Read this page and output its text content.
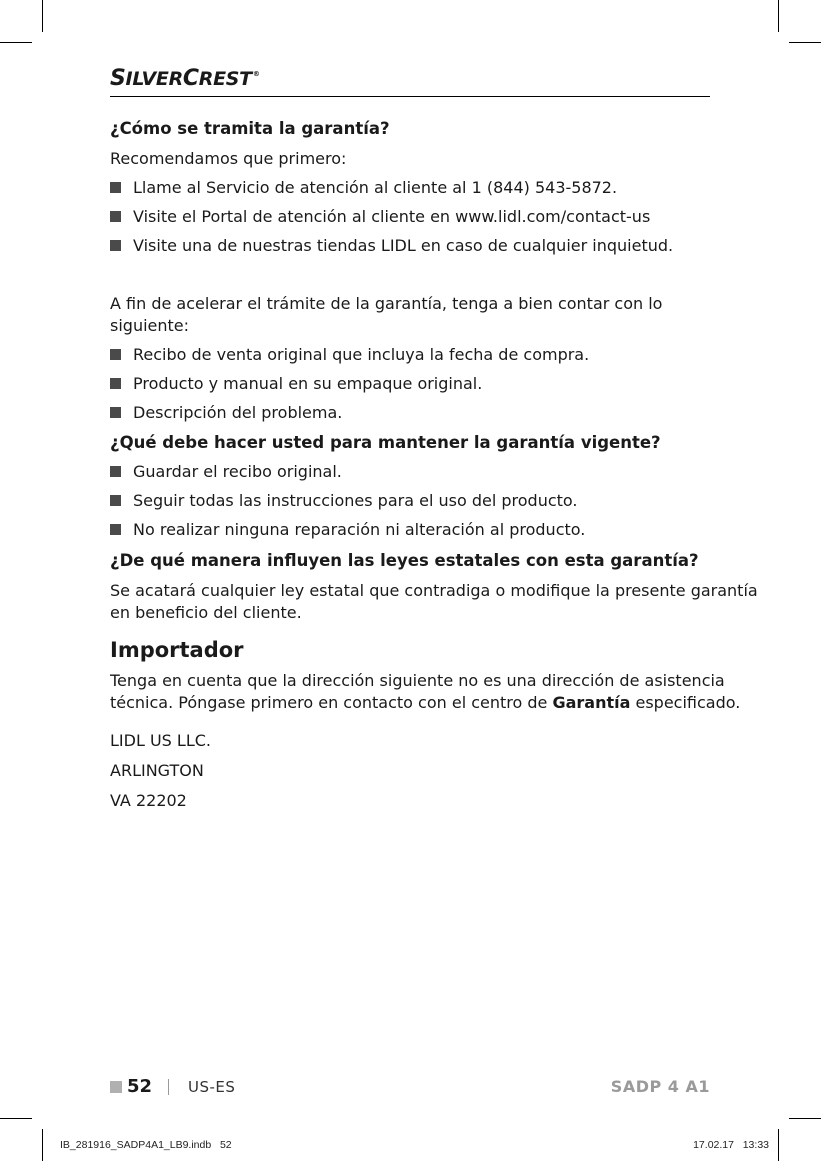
SILVERCREST®
¿Cómo se tramita la garantía?

Recomendamos que primero:

Llame al Servicio de atención al cliente al 1 (844) 543-5872.
Visite el Portal de atención al cliente en www.lidl.com/contact-us
Visite una de nuestras tiendas LIDL en caso de cualquier inquietud.

A fin de acelerar el trámite de la garantía, tenga a bien contar con lo siguiente:

Recibo de venta original que incluya la fecha de compra.
Producto y manual en su empaque original.
Descripción del problema.
¿Qué debe hacer usted para mantener la garantía vigente?
Guardar el recibo original.
Seguir todas las instrucciones para el uso del producto.
No realizar ninguna reparación ni alteración al producto.
¿De qué manera influyen las leyes estatales con esta garantía?

Se acatará cualquier ley estatal que contradiga o modifique la presente garantía

en beneficio del cliente.

Importador

Tenga en cuenta que la dirección siguiente no es una dirección de asistencia

técnica. Póngase primero en contacto con el centro de Garantía especificado.

LIDL US LLC.
ARLINGTON
VA 22202
52 US-ES	SADP 4 A1
IB_281916_SADP4A1_LB9.indb   52	17.02.17   13:33
